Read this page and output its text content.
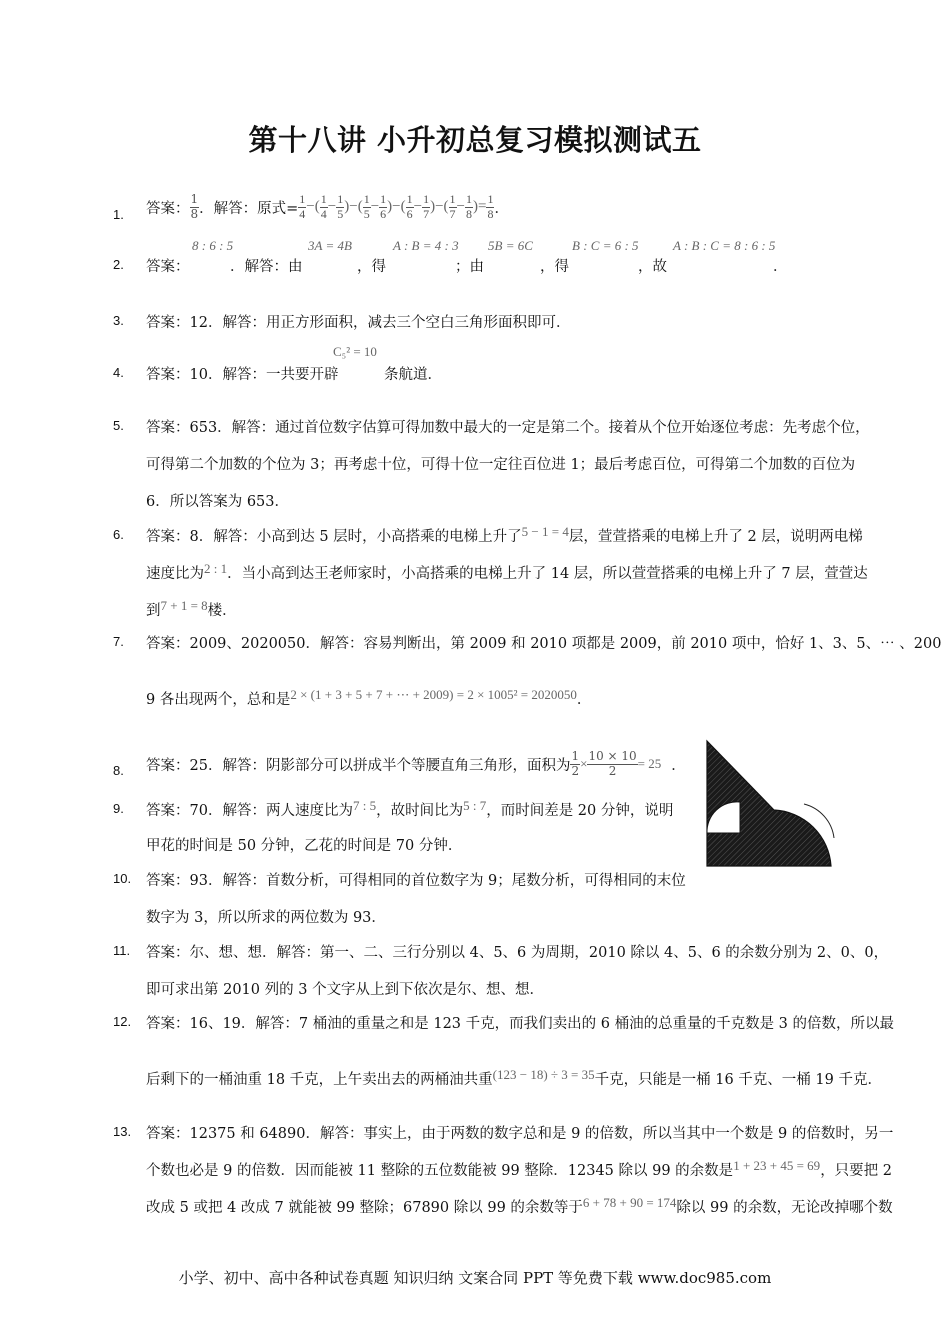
第十八讲 小升初总复习模拟测试五
1. 答案： $\frac{1}{8}$ ．解答：原式= $\frac{1}{4}$ −( $\frac{1}{4} - \frac{1}{5}$ )−( $\frac{1}{5} - \frac{1}{6}$ )−( $\frac{1}{6} - \frac{1}{7}$ )−( $\frac{1}{7} - \frac{1}{8}$ )= $\frac{1}{8}$ ．
2.
8 : 6 : 5	3A = 4B	A : B = 4 : 3 5B = 6C	B : C = 6 : 5	A : B : C = 8 : 6 : 5
答案：	．解答：由	，得	；由	，得	，故	．
3. 答案：12．解答：用正方形面积，减去三个空白三角形面积即可．
4. 答案：10．解答：一共要开辟
C₅² = 10
条航道．
5. 答案：653．解答：通过首位数字估算可得加数中最大的一定是第二个。接着从个位开始逐位考虑：先考虑个位，
可得第二个加数的个位为 3；再考虑十位，可得十位一定往百位进 1；最后考虑百位，可得第二个加数的百位为
6．所以答案为 653．
6. 答案：8．解答：小高到达 5 层时，小高搭乘的电梯上升了5 − 1 = 4层，萱萱搭乘的电梯上升了 2 层，说明两电梯
速度比为2 : 1．当小高到达王老师家时，小高搭乘的电梯上升了 14 层，所以萱萱搭乘的电梯上升了 7 层，萱萱达
到7 + 1 = 8楼．
7. 答案：2009、2020050．解答：容易判断出，第 2009 和 2010 项都是 2009，前 2010 项中，恰好 1、3、5、⋯ 、200
9 各出现两个，总和是2 × (1 + 3 + 5 + 7 + ⋯ + 2009) = 2 × 1005² = 2020050．
8. 答案：25．解答：阴影部分可以拼成半个等腰直角三角形，面积为 $\frac{1}{2} \times \frac{10 \times 10}{2} = 25$ ．
9. 答案：70．解答：两人速度比为7 : 5，故时间比为5 : 7，而时间差是 20 分钟，说明
甲花的时间是 50 分钟，乙花的时间是 70 分钟．
10. 答案：93．解答：首数分析，可得相同的首位数字为 9；尾数分析，可得相同的末位
数字为 3，所以所求的两位数为 93．
11. 答案：尔、想、想．解答：第一、二、三行分别以 4、5、6 为周期，2010 除以 4、5、6 的余数分别为 2、0、0，
即可求出第 2010 列的 3 个文字从上到下依次是尔、想、想．
12. 答案：16、19．解答：7 桶油的重量之和是 123 千克，而我们卖出的 6 桶油的总重量的千克数是 3 的倍数，所以最
后剩下的一桶油重 18 千克，上午卖出去的两桶油共重(123 − 18) ÷ 3 = 35千克，只能是一桶 16 千克、一桶 19 千克．
13. 答案：12375 和 64890．解答：事实上，由于两数的数字总和是 9 的倍数，所以当其中一个数是 9 的倍数时，另一
个数也必是 9 的倍数．因而能被 11 整除的五位数能被 99 整除．12345 除以 99 的余数是1 + 23 + 45 = 69，只要把 2
改成 5 或把 4 改成 7 就能被 99 整除；67890 除以 99 的余数等于6 + 78 + 90 = 174除以 99 的余数，无论改掉哪个数
小学、初中、高中各种试卷真题 知识归纳 文案合同 PPT 等免费下载 www.doc985.com
